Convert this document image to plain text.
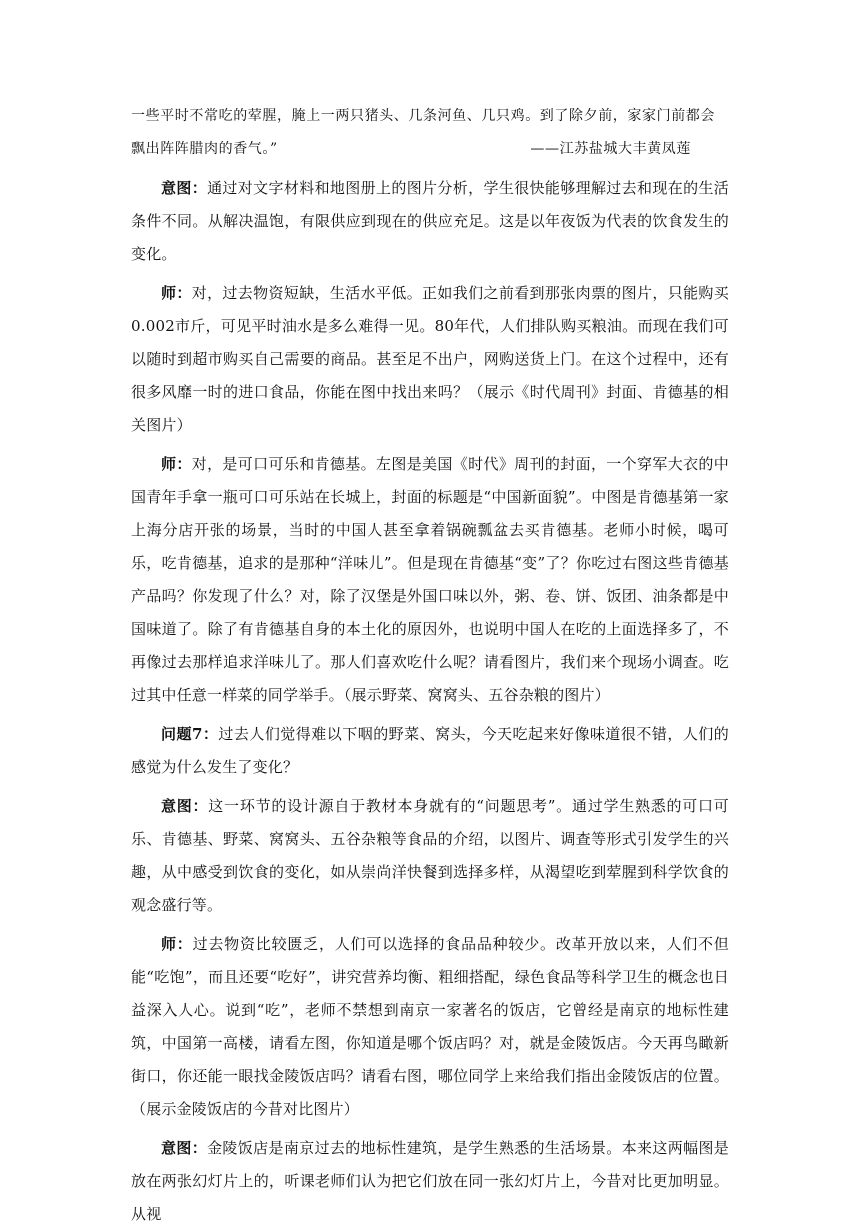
一些平时不常吃的荤腥，腌上一两只猪头、几条河鱼、几只鸡。到了除夕前，家家门前都会

飘出阵阵腊肉的香气。”	——江苏盐城大丰黄凤莲

意图：通过对文字材料和地图册上的图片分析，学生很快能够理解过去和现在的生活条件不同。从解决温饱，有限供应到现在的供应充足。这是以年夜饭为代表的饮食发生的变化。

师：对，过去物资短缺，生活水平低。正如我们之前看到那张肉票的图片，只能购买0.002市斤，可见平时油水是多么难得一见。80年代，人们排队购买粮油。而现在我们可以随时到超市购买自己需要的商品。甚至足不出户，网购送货上门。在这个过程中，还有很多风靡一时的进口食品，你能在图中找出来吗？（展示《时代周刊》封面、肯德基的相关图片）

师：对，是可口可乐和肯德基。左图是美国《时代》周刊的封面，一个穿军大衣的中国青年手拿一瓶可口可乐站在长城上，封面的标题是“中国新面貌”。中图是肯德基第一家上海分店开张的场景，当时的中国人甚至拿着锅碗瓢盆去买肯德基。老师小时候，喝可乐，吃肯德基，追求的是那种“洋味儿”。但是现在肯德基“变”了？你吃过右图这些肯德基产品吗？你发现了什么？对，除了汉堡是外国口味以外，粥、卷、饼、饭团、油条都是中国味道了。除了有肯德基自身的本土化的原因外，也说明中国人在吃的上面选择多了，不再像过去那样追求洋味儿了。那人们喜欢吃什么呢？请看图片，我们来个现场小调查。吃过其中任意一样菜的同学举手。（展示野菜、窝窝头、五谷杂粮的图片）

问题7：过去人们觉得难以下咽的野菜、窝头，今天吃起来好像味道很不错，人们的感觉为什么发生了变化？

意图：这一环节的设计源自于教材本身就有的“问题思考”。通过学生熟悉的可口可乐、肯德基、野菜、窝窝头、五谷杂粮等食品的介绍，以图片、调查等形式引发学生的兴趣，从中感受到饮食的变化，如从崇尚洋快餐到选择多样，从渴望吃到荤腥到科学饮食的观念盛行等。

师：过去物资比较匮乏，人们可以选择的食品品种较少。改革开放以来，人们不但能“吃饱”，而且还要“吃好”，讲究营养均衡、粗细搭配，绿色食品等科学卫生的概念也日益深入人心。说到“吃”，老师不禁想到南京一家著名的饭店，它曾经是南京的地标性建筑，中国第一高楼，请看左图，你知道是哪个饭店吗？对，就是金陵饭店。今天再鸟瞰新街口，你还能一眼找金陵饭店吗？请看右图，哪位同学上来给我们指出金陵饭店的位置。（展示金陵饭店的今昔对比图片）

意图：金陵饭店是南京过去的地标性建筑，是学生熟悉的生活场景。本来这两幅图是放在两张幻灯片上的，听课老师们认为把它们放在同一张幻灯片上，今昔对比更加明显。从视
